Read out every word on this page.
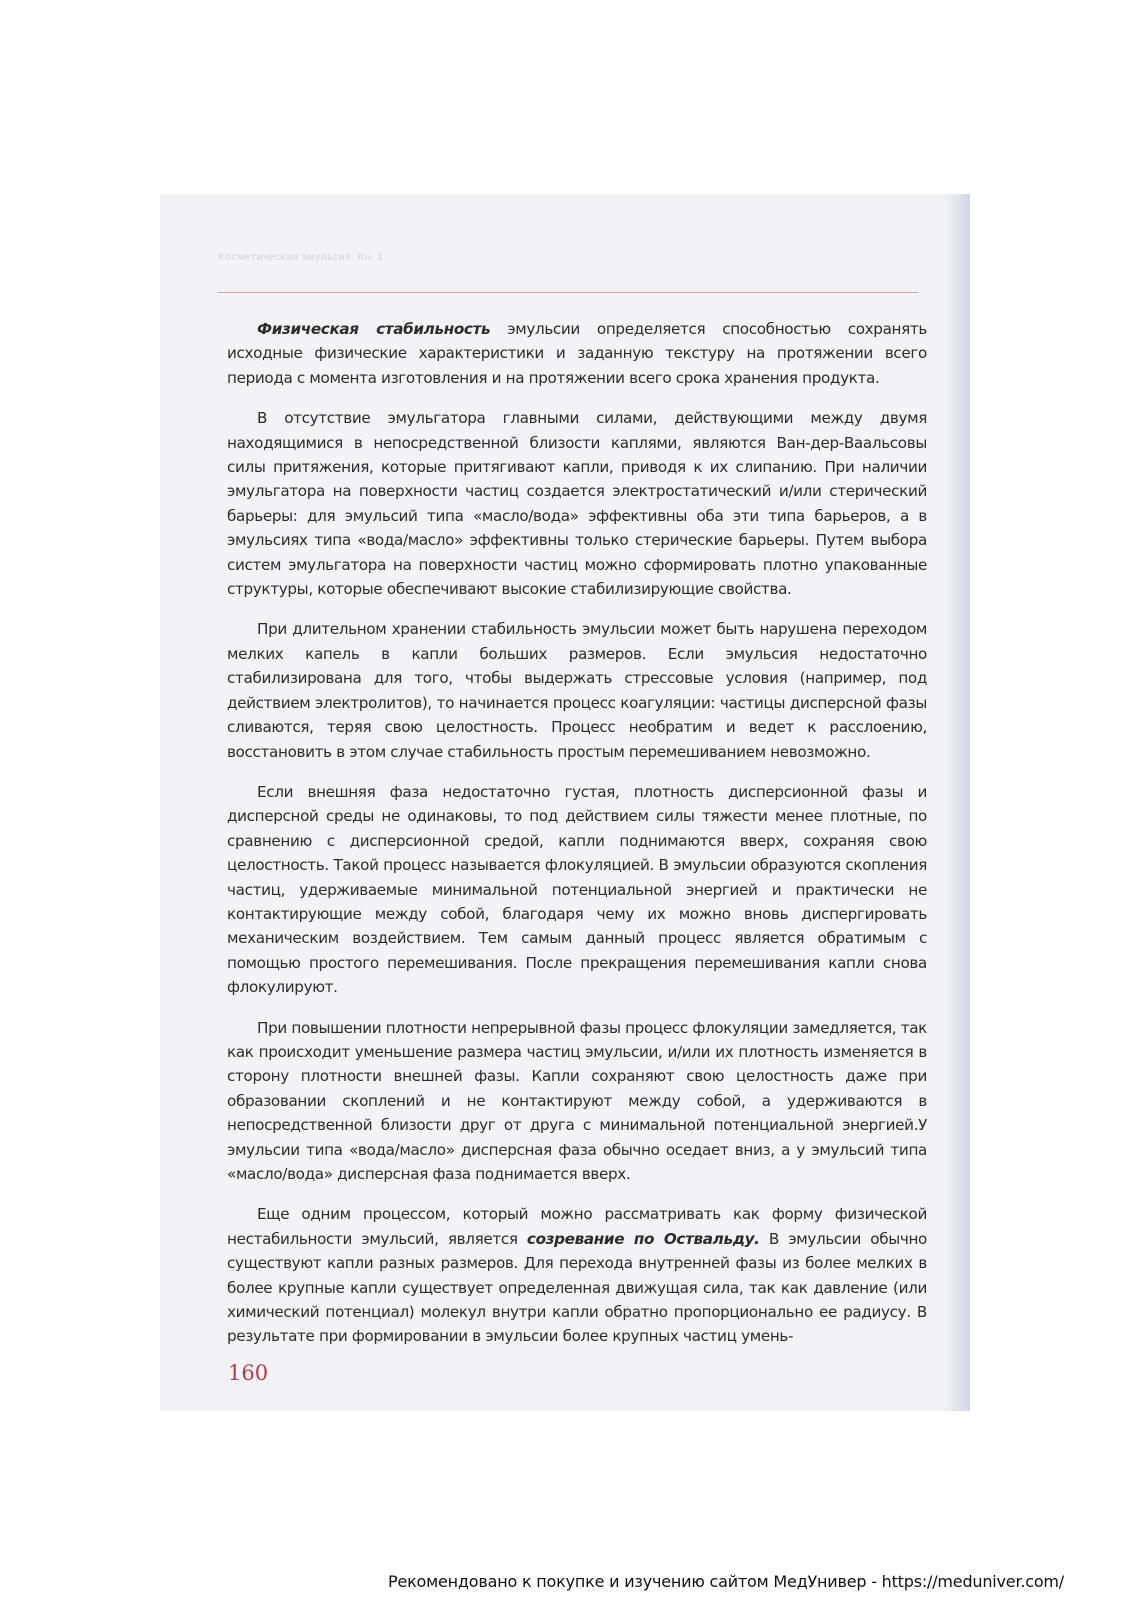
Косметическая эмульсия. Кн. 1

Физическая стабильность эмульсии определяется способностью сохранять исходные физические характеристики и заданную текстуру на протяжении всего периода с момента изготовления и на протяжении всего срока хранения продукта.

В отсутствие эмульгатора главными силами, действующими между двумя находящимися в непосредственной близости каплями, являются Ван-дер-Ваальсовы силы притяжения, которые притягивают капли, приводя к их слипанию. При наличии эмульгатора на поверхности частиц создается электростатический и/или стерический барьеры: для эмульсий типа «масло/вода» эффективны оба эти типа барьеров, а в эмульсиях типа «вода/масло» эффективны только стерические барьеры. Путем выбора систем эмульгатора на поверхности частиц можно сформировать плотно упакованные структуры, которые обеспечивают высокие стабилизирующие свойства.

При длительном хранении стабильность эмульсии может быть нарушена переходом мелких капель в капли больших размеров. Если эмульсия недостаточно стабилизирована для того, чтобы выдержать стрессовые условия (например, под действием электролитов), то начинается процесс коагуляции: частицы дисперсной фазы сливаются, теряя свою целостность. Процесс необратим и ведет к расслоению, восстановить в этом случае стабильность простым перемешиванием невозможно.

Если внешняя фаза недостаточно густая, плотность дисперсионной фазы и дисперсной среды не одинаковы, то под действием силы тяжести менее плотные, по сравнению с дисперсионной средой, капли поднимаются вверх, сохраняя свою целостность. Такой процесс называется флокуляцией. В эмульсии образуются скопления частиц, удерживаемые минимальной потенциальной энергией и практически не контактирующие между собой, благодаря чему их можно вновь диспергировать механическим воздействием. Тем самым данный процесс является обратимым с помощью простого перемешивания. После прекращения перемешивания капли снова флокулируют.

При повышении плотности непрерывной фазы процесс флокуляции замедляется, так как происходит уменьшение размера частиц эмульсии, и/или их плотность изменяется в сторону плотности внешней фазы. Капли сохраняют свою целостность даже при образовании скоплений и не контактируют между собой, а удерживаются в непосредственной близости друг от друга с минимальной потенциальной энергией.У эмульсии типа «вода/масло» дисперсная фаза обычно оседает вниз, а у эмульсий типа «масло/вода» дисперсная фаза поднимается вверх.

Еще одним процессом, который можно рассматривать как форму физической нестабильности эмульсий, является созревание по Оствальду. В эмульсии обычно существуют капли разных размеров. Для перехода внутренней фазы из более мелких в более крупные капли существует определенная движущая сила, так как давление (или химический потенциал) молекул внутри капли обратно пропорционально ее радиусу. В результате при формировании в эмульсии более крупных частиц умень-

160
Рекомендовано к покупке и изучению сайтом МедУнивер - https://meduniver.com/
